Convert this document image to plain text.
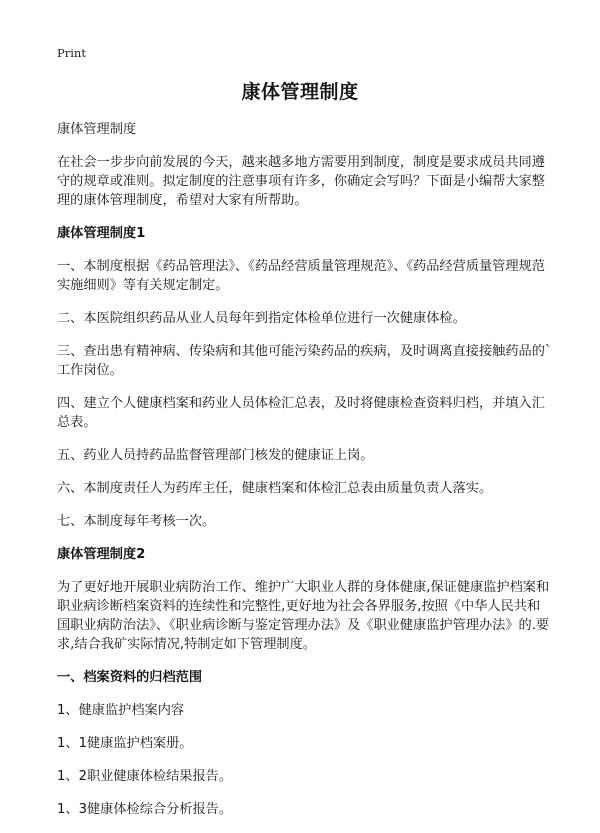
Print
康体管理制度
康体管理制度
在社会一步步向前发展的今天，越来越多地方需要用到制度，制度是要求成员共同遵守的规章或准则。拟定制度的注意事项有许多，你确定会写吗？下面是小编帮大家整理的康体管理制度，希望对大家有所帮助。
康体管理制度1
一、本制度根据《药品管理法》、《药品经营质量管理规范》、《药品经营质量管理规范实施细则》等有关规定制定。
二、本医院组织药品从业人员每年到指定体检单位进行一次健康体检。
三、查出患有精神病、传染病和其他可能污染药品的疾病，及时调离直接接触药品的`工作岗位。
四、建立个人健康档案和药业人员体检汇总表，及时将健康检查资料归档，并填入汇总表。
五、药业人员持药品监督管理部门核发的健康证上岗。
六、本制度责任人为药库主任，健康档案和体检汇总表由质量负责人落实。
七、本制度每年考核一次。
康体管理制度2
为了更好地开展职业病防治工作、维护广大职业人群的身体健康,保证健康监护档案和职业病诊断档案资料的连续性和完整性,更好地为社会各界服务,按照《中华人民共和国职业病防治法》、《职业病诊断与鉴定管理办法》及《职业健康监护管理办法》的.要求,结合我矿实际情况,特制定如下管理制度。
一、档案资料的归档范围
1、健康监护档案内容
1、1健康监护档案册。
1、2职业健康体检结果报告。
1、3健康体检综合分析报告。
